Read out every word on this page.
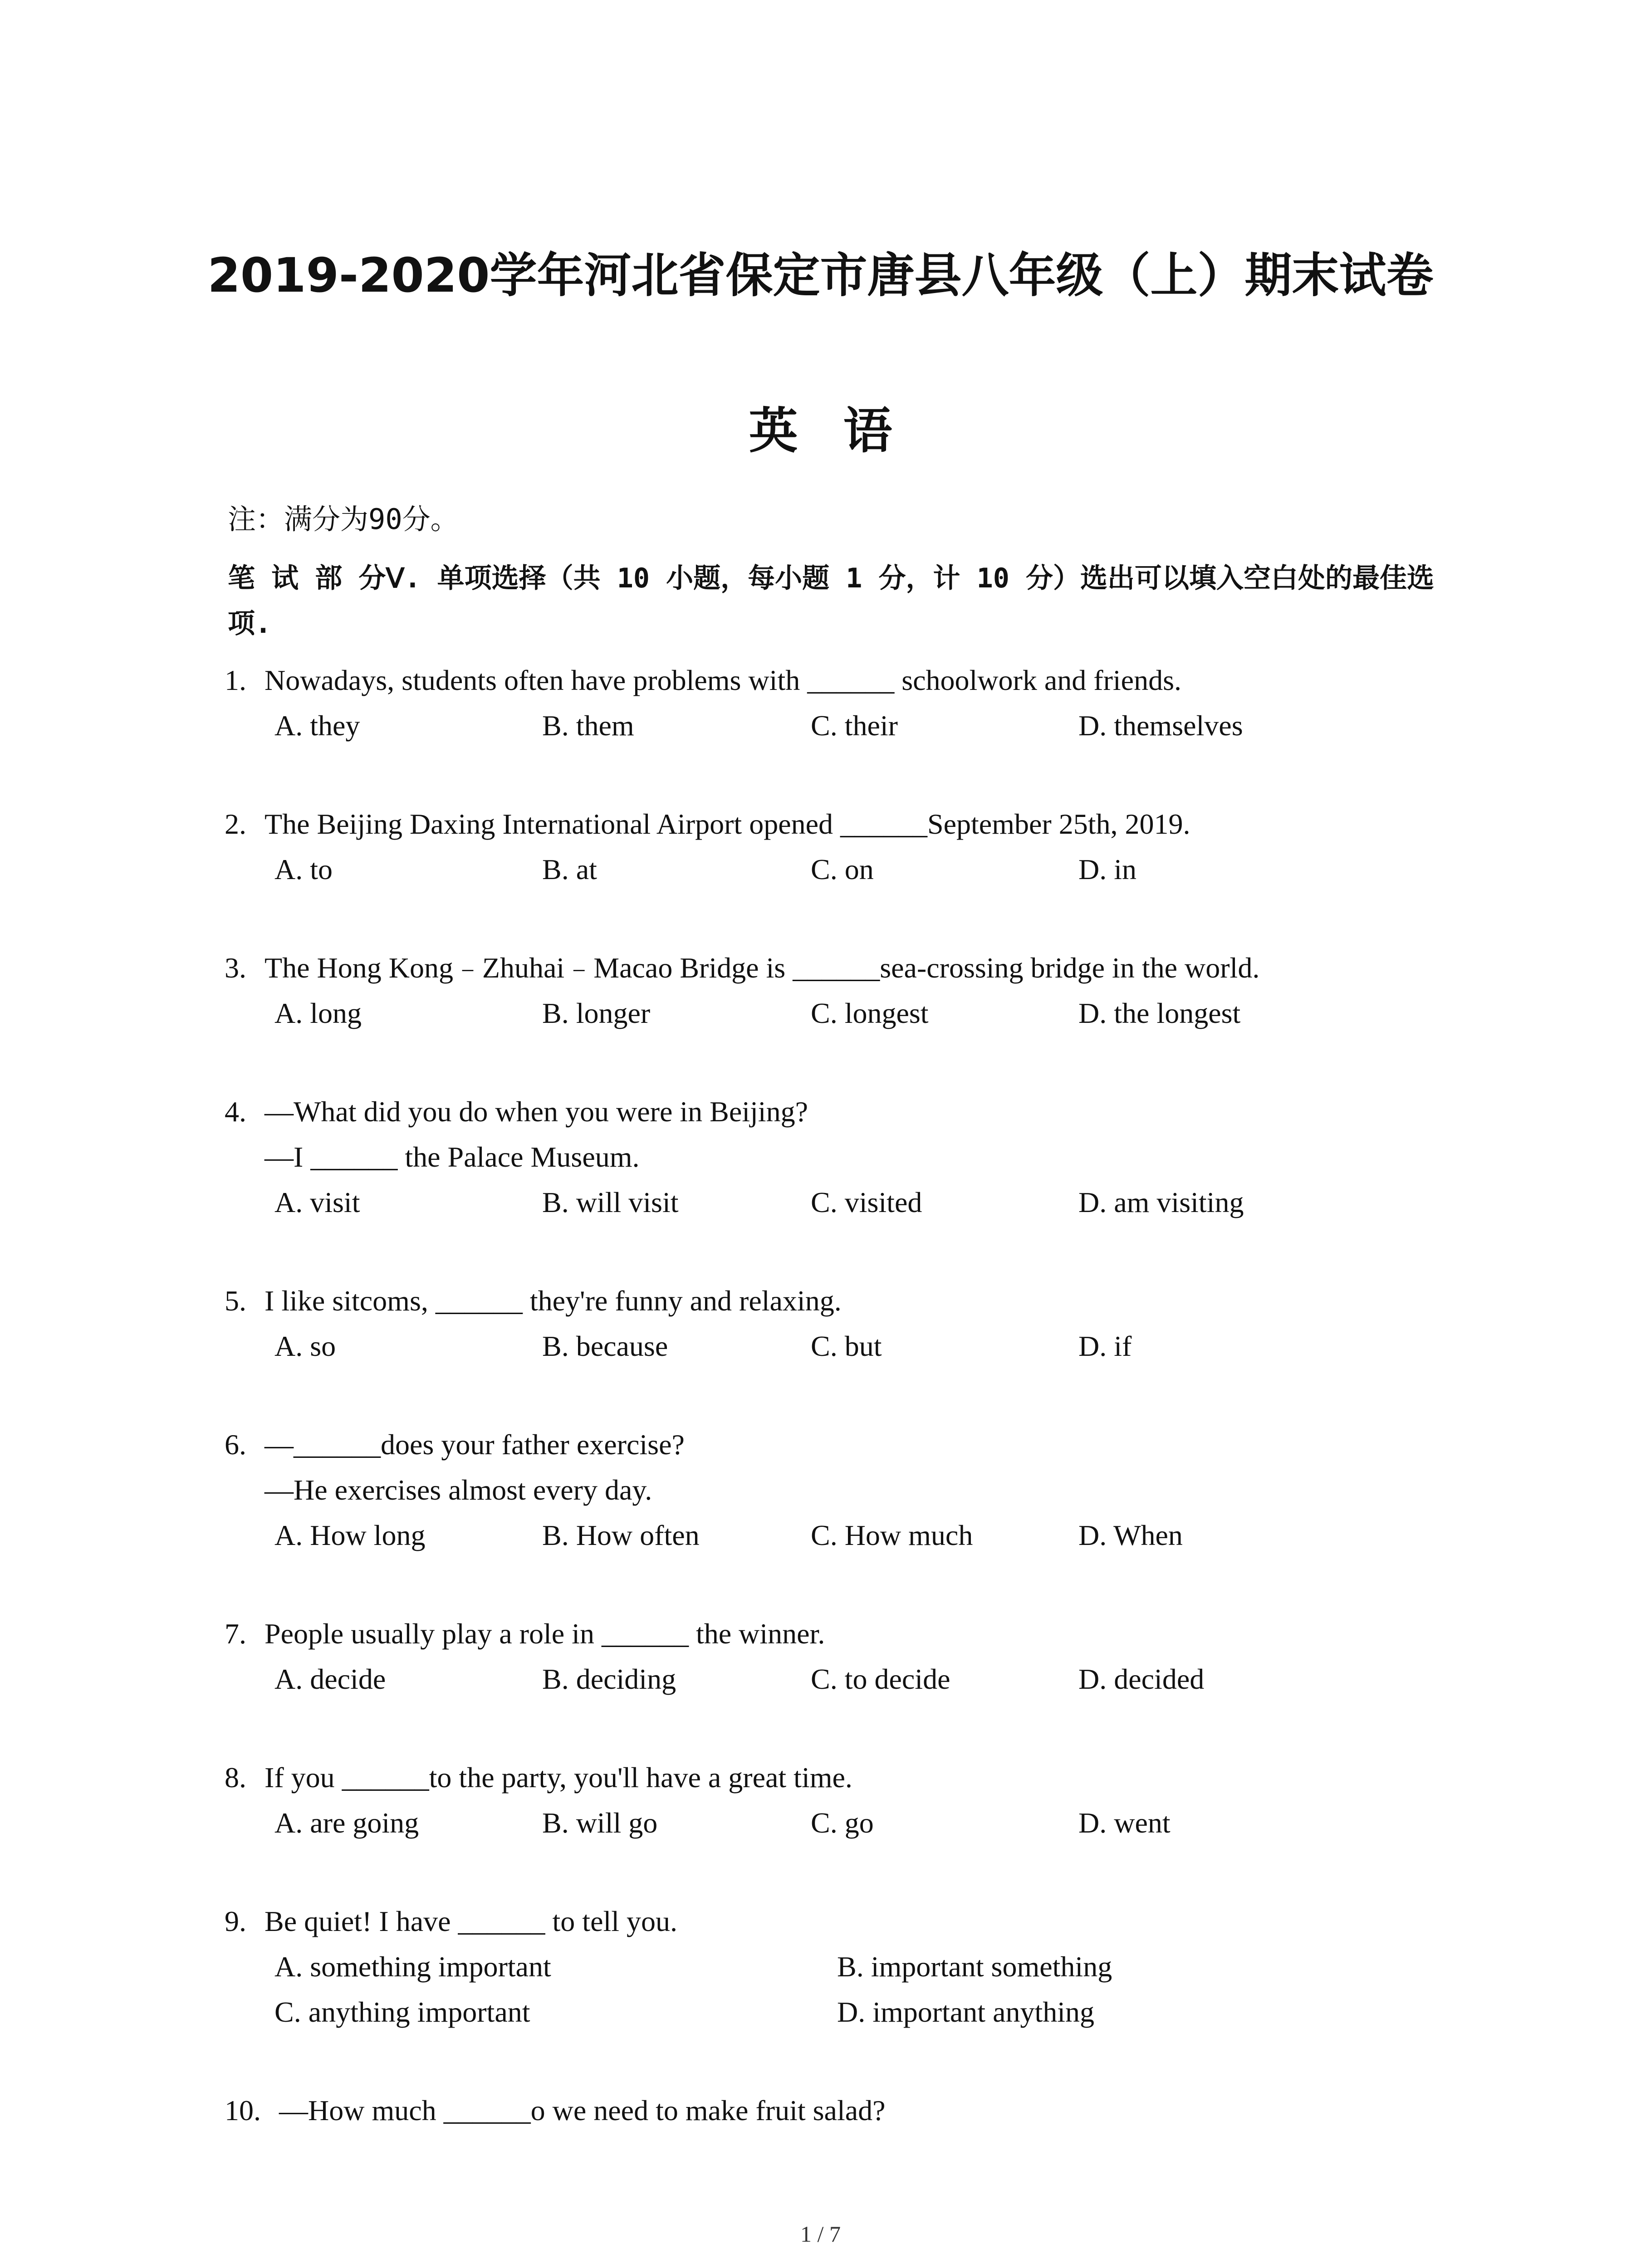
2019-2020学年河北省保定市唐县八年级（上）期末试卷
英语
注：满分为90分。
笔 试 部 分Ⅴ. 单项选择（共 10 小题，每小题 1 分，计 10 分）选出可以填入空白处的最佳选项.
1. Nowadays, students often have problems with ______ schoolwork and friends.
A. they	B. them	C. their	D. themselves
2. The Beijing Daxing International Airport opened ______September 25th, 2019.
A. to	B. at	C. on	D. in
3. The Hong Kong﹣Zhuhai﹣Macao Bridge is ______sea-crossing bridge in the world.
A. long	B. longer	C. longest	D. the longest
4. —What did you do when you were in Beijing?
—I ______ the Palace Museum.
A. visit	B. will visit	C. visited	D. am visiting
5. I like sitcoms, ______ they're funny and relaxing.
A. so	B. because	C. but	D. if
6. —______does your father exercise?
—He exercises almost every day.
A. How long	B. How often	C. How much	D. When
7. People usually play a role in ______ the winner.
A. decide	B. deciding	C. to decide	D. decided
8. If you ______to the party, you'll have a great time.
A. are going	B. will go	C. go	D. went
9. Be quiet! I have ______ to tell you.
A. something important	B. important something
C. anything important	D. important anything
10. —How much ______o we need to make fruit salad?
1 / 7
